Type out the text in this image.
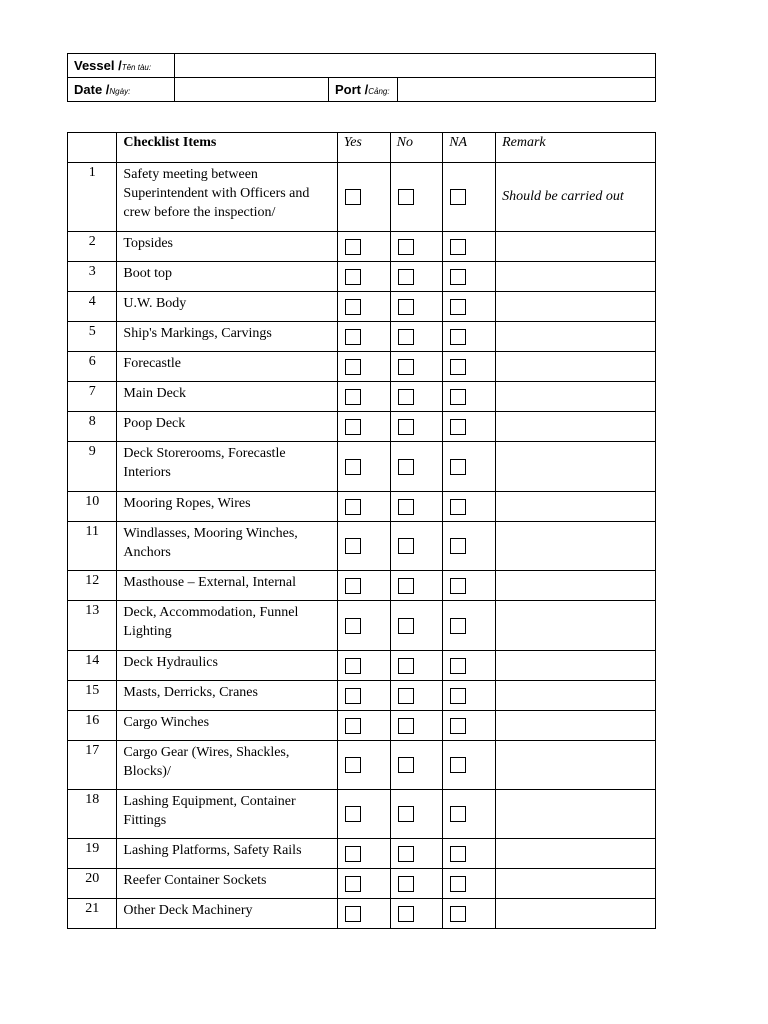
Vessel /Tên tàu:			
Date /Ngày:		Port /Cảng:	
	Checklist Items	Yes	No	NA	Remark
1	Safety meeting between Superintendent with Officers and crew before the inspection/				Should be carried out
2	Topsides	

3	Boot top	

4	U.W. Body	

5	Ship's Markings, Carvings	

6	Forecastle	

7	Main Deck	

8	Poop Deck	

9	Deck Storerooms, Forecastle Interiors	

10	Mooring Ropes, Wires	

11	Windlasses, Mooring Winches, Anchors	

12	Masthouse – External, Internal	

13	Deck, Accommodation, Funnel Lighting	

14	Deck Hydraulics	

15	Masts, Derricks, Cranes	

16	Cargo Winches	

17	Cargo Gear (Wires, Shackles, Blocks)/	

18	Lashing Equipment, Container Fittings	

19	Lashing Platforms, Safety Rails	

20	Reefer Container Sockets	

21	Other Deck Machinery	
